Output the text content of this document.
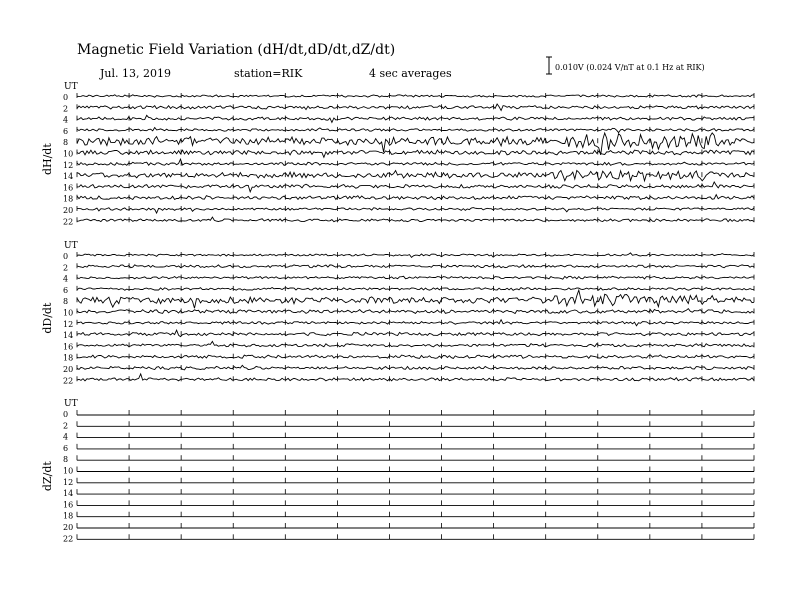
Magnetic Field Variation (dH/dt,dD/dt,dZ/dt)
Jul. 13, 2019	station=RIK	4 sec averages	0.010V (0.024 V/nT at 0.1 Hz at RIK)
UT
dH/dt
0
2
4
6
8
10
12
14
16
18
20
22
UT
dD/dt
0
2
4
6
8
10
12
14
16
18
20
22
UT
dZ/dt
0
2
4
6
8
10
12
14
16
18
20
22
